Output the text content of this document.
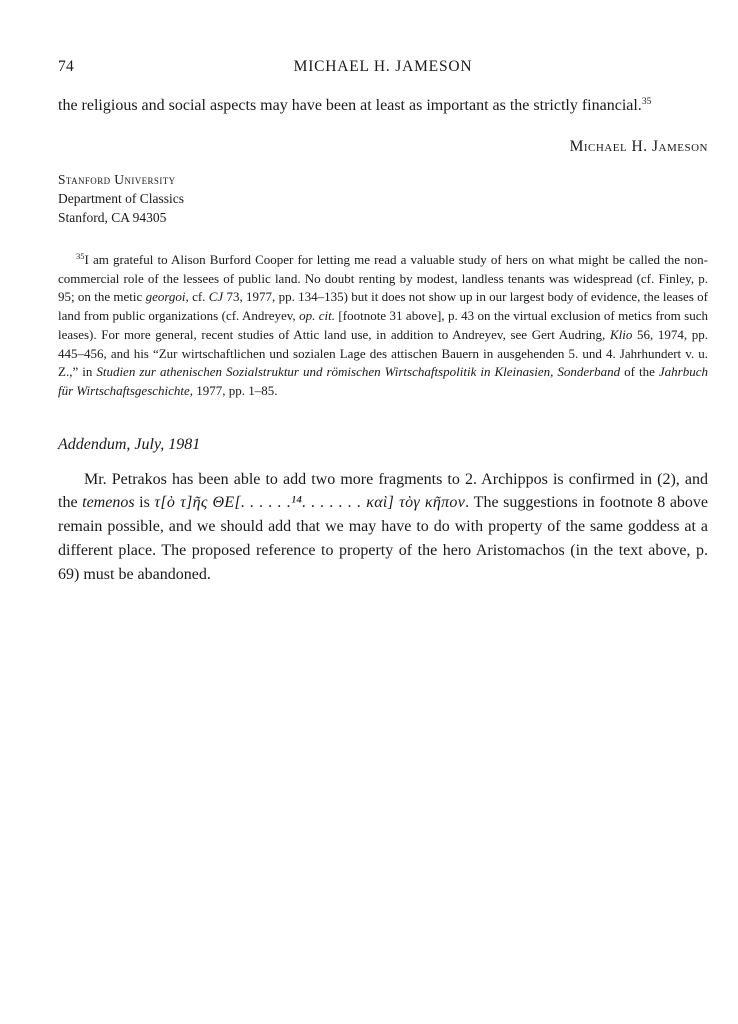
74	MICHAEL H. JAMESON

the religious and social aspects may have been at least as important as the strictly financial.$^{35}$

Michael H. Jameson
Stanford University
Department of Classics
Stanford, CA 94305
$^{35}$I am grateful to Alison Burford Cooper for letting me read a valuable study of hers on what might be called the non-commercial role of the lessees of public land. No doubt renting by modest, landless tenants was widespread (cf. Finley, p. 95; on the metic georgoi, cf. CJ 73, 1977, pp. 134–135) but it does not show up in our largest body of evidence, the leases of land from public organizations (cf. Andreyev, op. cit. [footnote 31 above], p. 43 on the virtual exclusion of metics from such leases). For more general, recent studies of Attic land use, in addition to Andreyev, see Gert Audring, Klio 56, 1974, pp. 445–456, and his “Zur wirtschaftlichen und sozialen Lage des attischen Bauern in ausgehenden 5. und 4. Jahrhundert v. u. Z.,” in Studien zur athenischen Sozialstruktur und römischen Wirtschaftspolitik in Kleinasien, Sonderband of the Jahrbuch für Wirtschaftsgeschichte, 1977, pp. 1–85.
Addendum, July, 1981

Mr. Petrakos has been able to add two more fragments to 2. Archippos is confirmed in (2), and the temenos is τ[ὸ τ]ῆς ΘΕ[. . . . . .¹⁴. . . . . . . καὶ] τὸγ κῆπον. The suggestions in footnote 8 above remain possible, and we should add that we may have to do with property of the same goddess at a different place. The proposed reference to property of the hero Aristomachos (in the text above, p. 69) must be abandoned.
